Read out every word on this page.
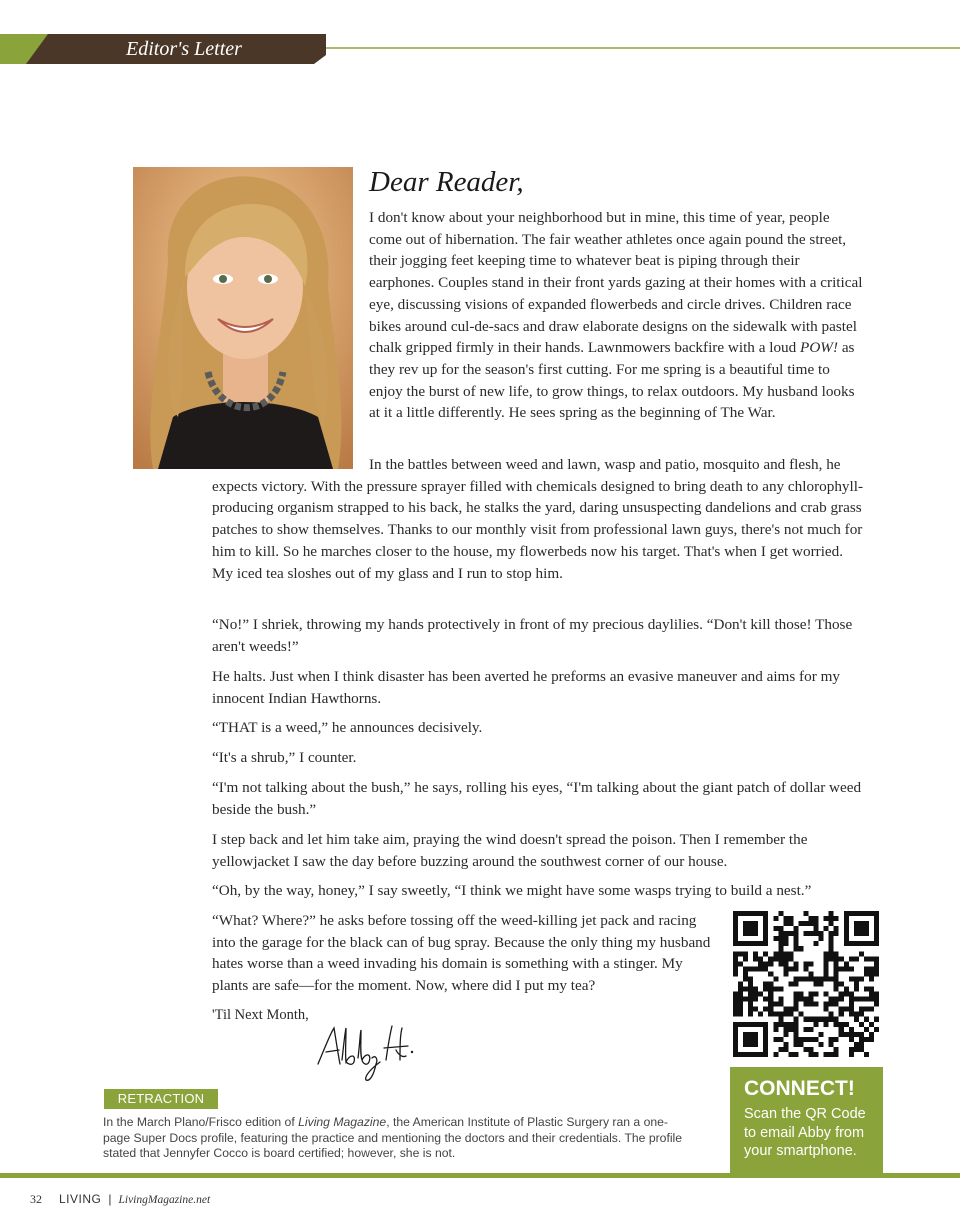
Editor's Letter
Dear Reader,

I don't know about your neighborhood but in mine, this time of year, people come out of hibernation. The fair weather athletes once again pound the street, their jogging feet keeping time to whatever beat is piping through their earphones. Couples stand in their front yards gazing at their homes with a critical eye, discussing visions of expanded flowerbeds and circle drives. Children race bikes around cul-de-sacs and draw elaborate designs on the sidewalk with pastel chalk gripped firmly in their hands. Lawnmowers backfire with a loud POW! as they rev up for the season's first cutting. For me spring is a beautiful time to enjoy the burst of new life, to grow things, to relax outdoors. My husband looks at it a little differently. He sees spring as the beginning of The War.

In the battles between weed and lawn, wasp and patio, mosquito and flesh, he expects victory. With the pressure sprayer filled with chemicals designed to bring death to any chlorophyll-producing organism strapped to his back, he stalks the yard, daring unsuspecting dandelions and crab grass patches to show themselves. Thanks to our monthly visit from professional lawn guys, there's not much for him to kill. So he marches closer to the house, my flowerbeds now his target. That's when I get worried. My iced tea sloshes out of my glass and I run to stop him.

“No!” I shriek, throwing my hands protectively in front of my precious daylilies. “Don't kill those! Those aren't weeds!”

He halts. Just when I think disaster has been averted he preforms an evasive maneuver and aims for my innocent Indian Hawthorns.

“THAT is a weed,” he announces decisively.

“It's a shrub,” I counter.

“I'm not talking about the bush,” he says, rolling his eyes, “I'm talking about the giant patch of dollar weed beside the bush.”

I step back and let him take aim, praying the wind doesn't spread the poison. Then I remember the yellowjacket I saw the day before buzzing around the southwest corner of our house.

“Oh, by the way, honey,” I say sweetly, “I think we might have some wasps trying to build a nest.”

“What? Where?” he asks before tossing off the weed-killing jet pack and racing into the garage for the black can of bug spray. Because the only thing my husband hates worse than a weed invading his domain is something with a stinger. My plants are safe—for the moment. Now, where did I put my tea?

'Til Next Month,

CONNECT!
Scan the QR Code to email Abby from your smartphone.
RETRACTION
In the March Plano/Frisco edition of Living Magazine, the American Institute of Plastic Surgery ran a one-page Super Docs profile, featuring the practice and mentioning the doctors and their credentials. The profile stated that Jennyfer Cocco is board certified; however, she is not.
32 LIVING | LivingMagazine.net
